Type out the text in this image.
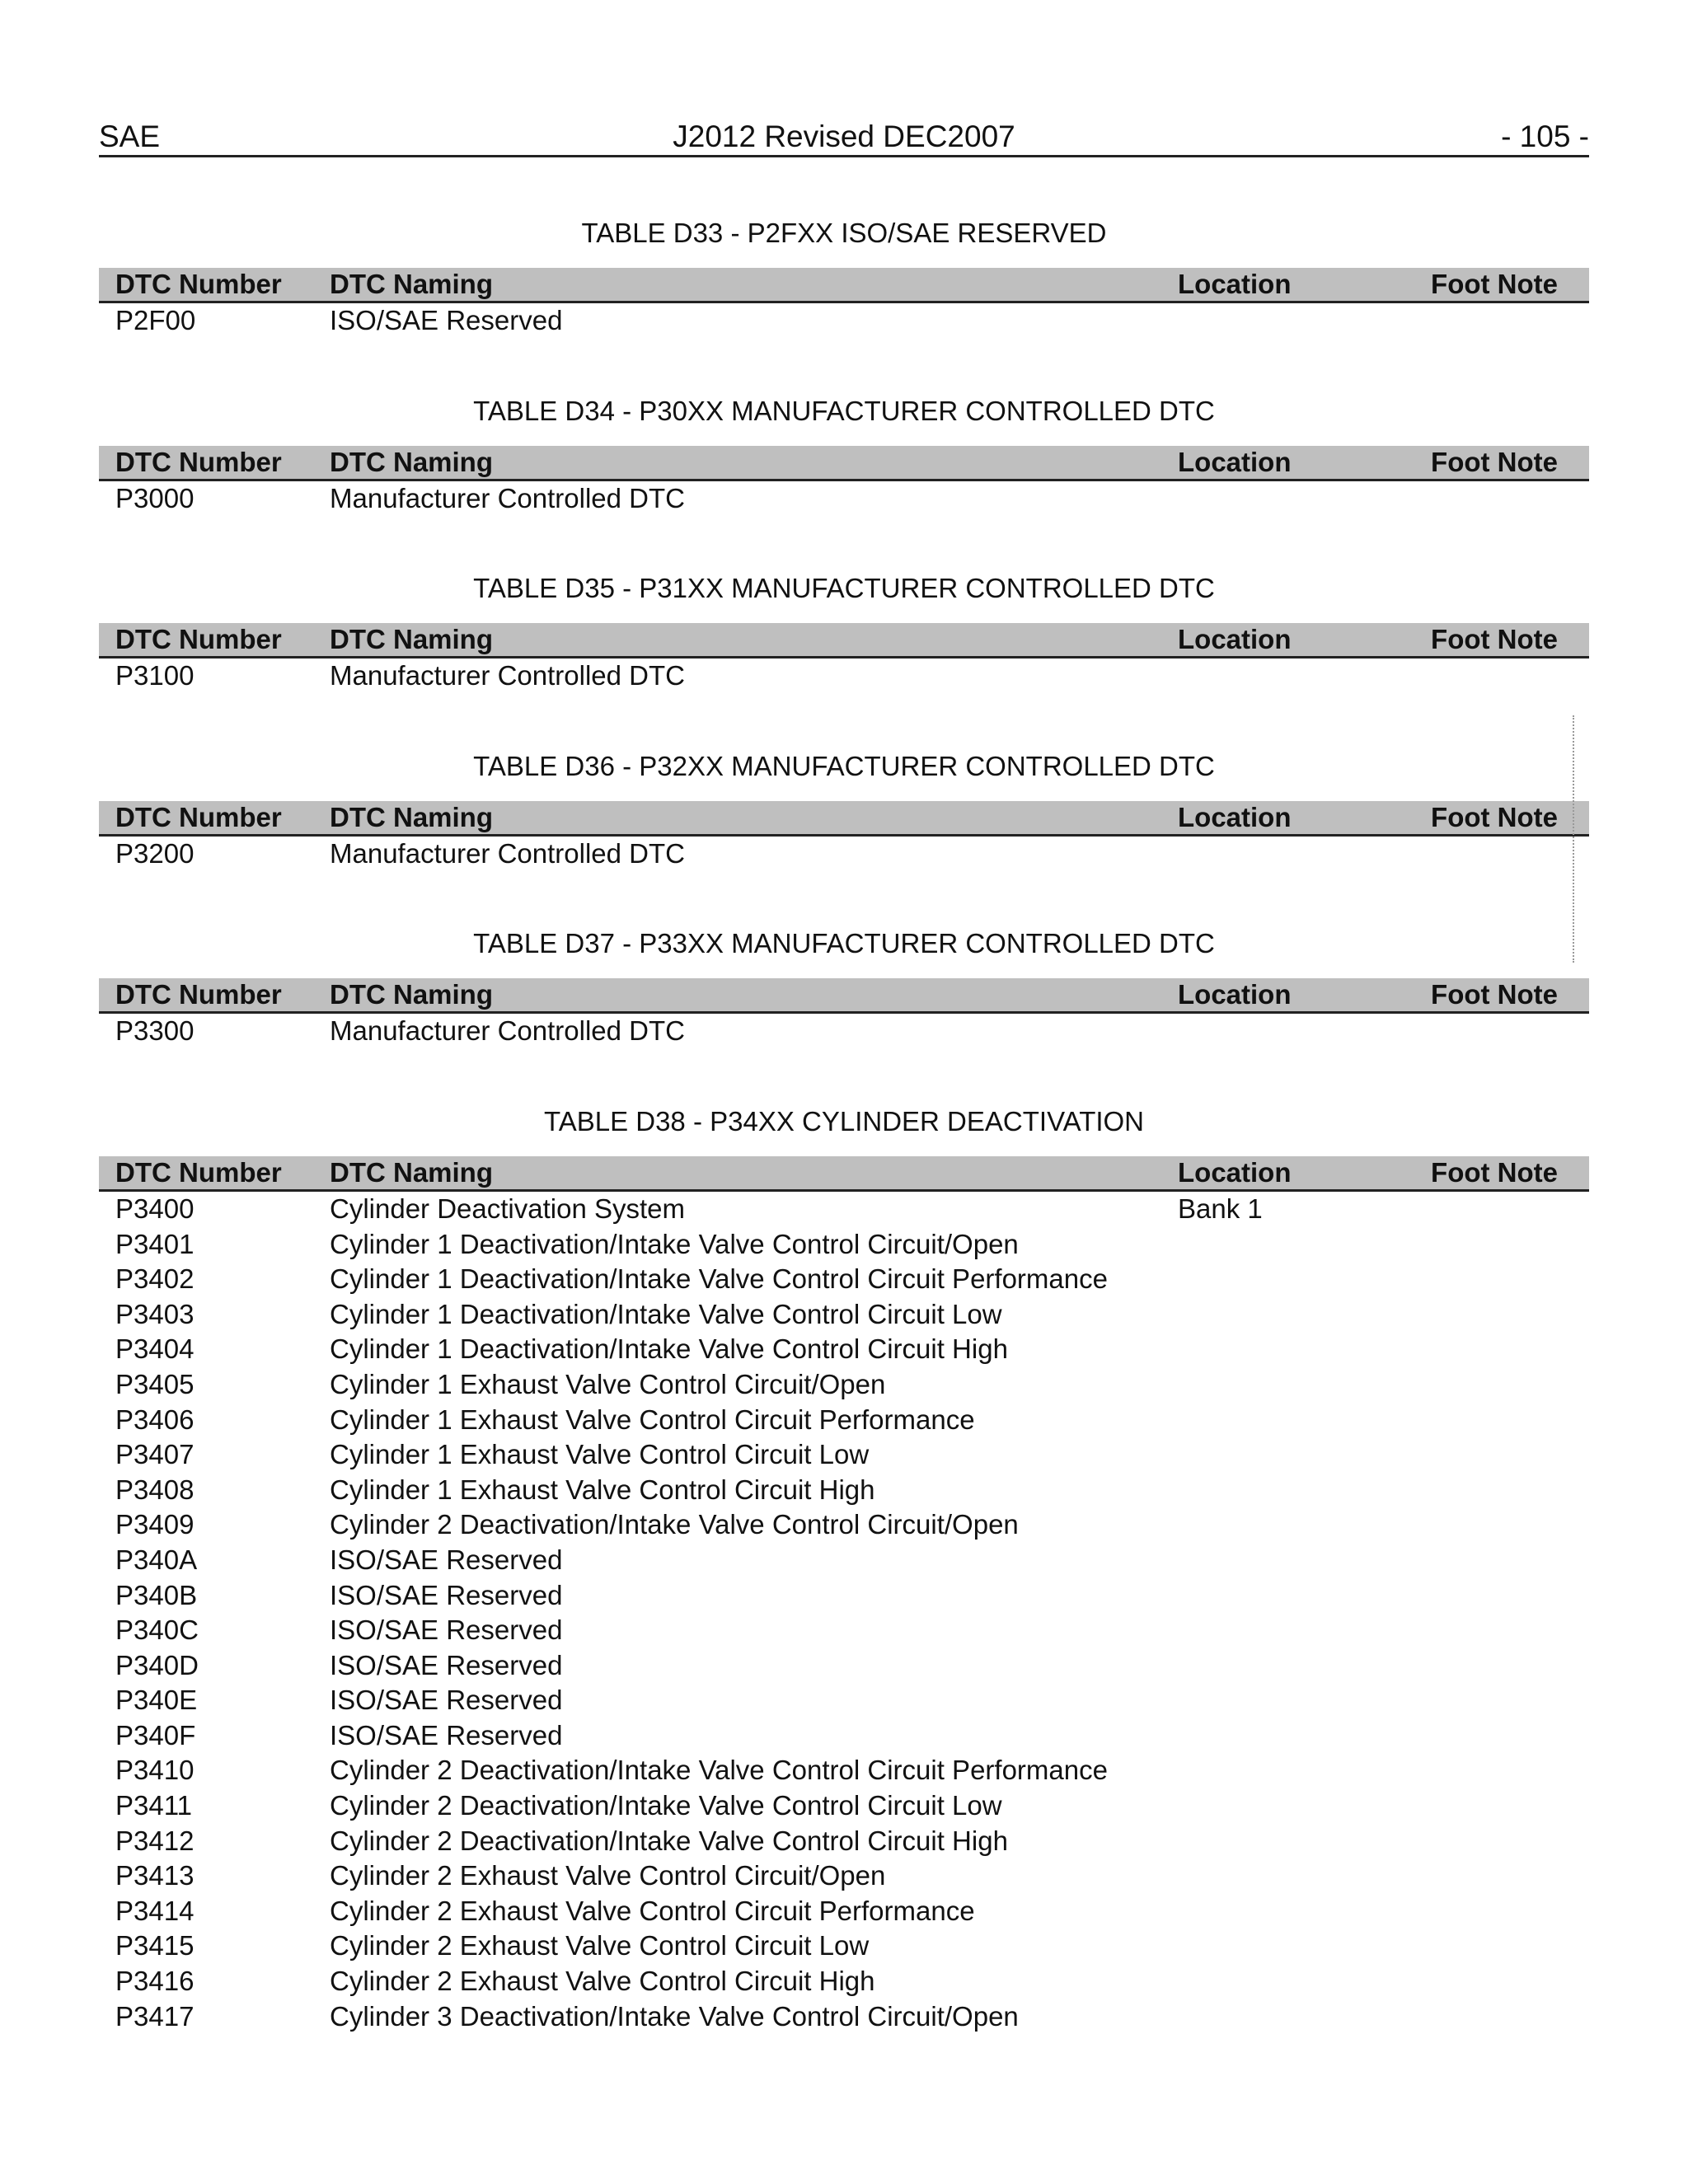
SAE	J2012 Revised DEC2007	- 105 -

TABLE D33 - P2FXX ISO/SAE RESERVED

DTC Number	DTC Naming	Location	Foot Note
P2F00	ISO/SAE Reserved		

TABLE D34 - P30XX MANUFACTURER CONTROLLED DTC

DTC Number	DTC Naming	Location	Foot Note
P3000	Manufacturer Controlled DTC		

TABLE D35 - P31XX MANUFACTURER CONTROLLED DTC

DTC Number	DTC Naming	Location	Foot Note
P3100	Manufacturer Controlled DTC		

TABLE D36 - P32XX MANUFACTURER CONTROLLED DTC

DTC Number	DTC Naming	Location	Foot Note
P3200	Manufacturer Controlled DTC		

TABLE D37 - P33XX MANUFACTURER CONTROLLED DTC

DTC Number	DTC Naming	Location	Foot Note
P3300	Manufacturer Controlled DTC		

TABLE D38 - P34XX CYLINDER DEACTIVATION

DTC Number	DTC Naming	Location	Foot Note
P3400	Cylinder Deactivation System	Bank 1	
P3401	Cylinder 1 Deactivation/Intake Valve Control Circuit/Open		
P3402	Cylinder 1 Deactivation/Intake Valve Control Circuit Performance		
P3403	Cylinder 1 Deactivation/Intake Valve Control Circuit Low		
P3404	Cylinder 1 Deactivation/Intake Valve Control Circuit High		
P3405	Cylinder 1 Exhaust Valve Control Circuit/Open		
P3406	Cylinder 1 Exhaust Valve Control Circuit Performance		
P3407	Cylinder 1 Exhaust Valve Control Circuit Low		
P3408	Cylinder 1 Exhaust Valve Control Circuit High		
P3409	Cylinder 2 Deactivation/Intake Valve Control Circuit/Open		
P340A	ISO/SAE Reserved		
P340B	ISO/SAE Reserved		
P340C	ISO/SAE Reserved		
P340D	ISO/SAE Reserved		
P340E	ISO/SAE Reserved		
P340F	ISO/SAE Reserved		
P3410	Cylinder 2 Deactivation/Intake Valve Control Circuit Performance		
P3411	Cylinder 2 Deactivation/Intake Valve Control Circuit Low		
P3412	Cylinder 2 Deactivation/Intake Valve Control Circuit High		
P3413	Cylinder 2 Exhaust Valve Control Circuit/Open		
P3414	Cylinder 2 Exhaust Valve Control Circuit Performance		
P3415	Cylinder 2 Exhaust Valve Control Circuit Low		
P3416	Cylinder 2 Exhaust Valve Control Circuit High		
P3417	Cylinder 3 Deactivation/Intake Valve Control Circuit/Open		
